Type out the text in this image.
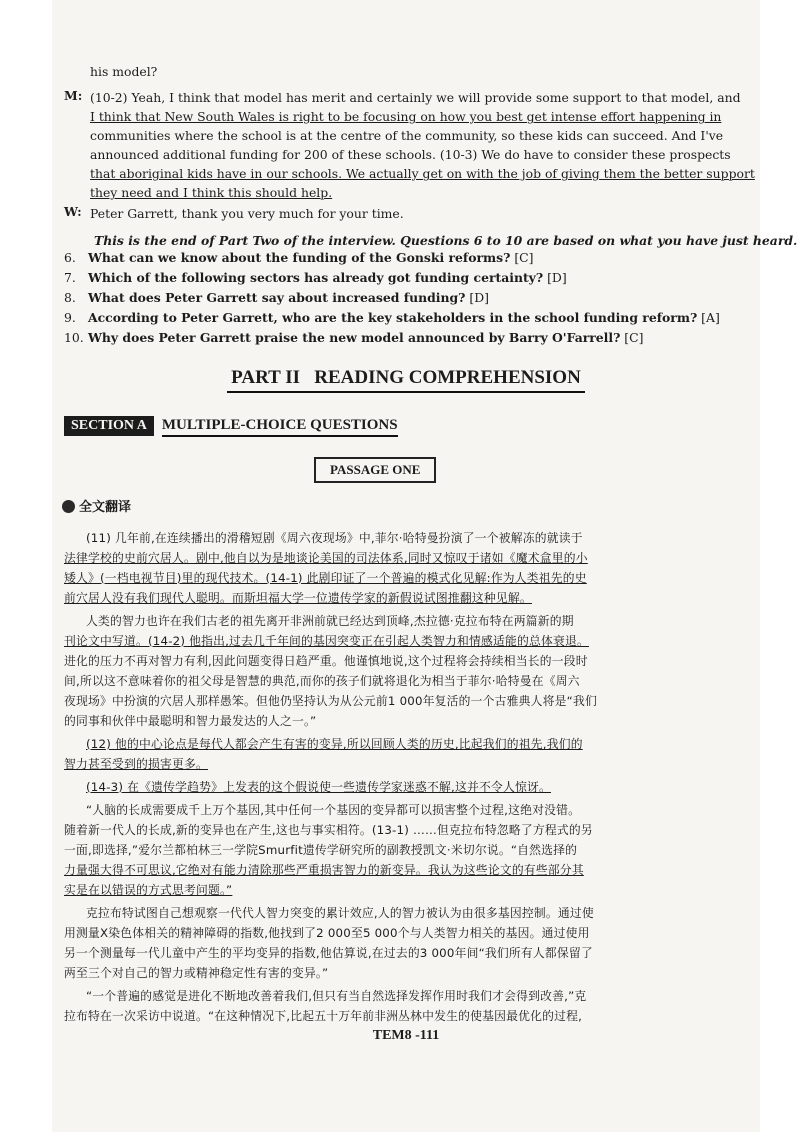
his model?
M: (10-2) Yeah, I think that model has merit and certainly we will provide some support to that model, and
I think that New South Wales is right to be focusing on how you best get intense effort happening in
communities where the school is at the centre of the community, so these kids can succeed. And I've
announced additional funding for 200 of these schools. (10-3) We do have to consider these prospects
that aboriginal kids have in our schools. We actually get on with the job of giving them the better support
they need and I think this should help.
W: Peter Garrett, thank you very much for your time.
This is the end of Part Two of the interview. Questions 6 to 10 are based on what you have just heard.
6. What can we know about the funding of the Gonski reforms? [C]
7. Which of the following sectors has already got funding certainty? [D]
8. What does Peter Garrett say about increased funding? [D]
9. According to Peter Garrett, who are the key stakeholders in the school funding reform? [A]
10. Why does Peter Garrett praise the new model announced by Barry O'Farrell? [C]
PART II   READING COMPREHENSION
SECTION A MULTIPLE-CHOICE QUESTIONS
PASSAGE ONE
全文翻译
(11) 几年前,在连续播出的滑稽短剧《周六夜现场》中,菲尔·哈特曼扮演了一个被解冻的就读于
法律学校的史前穴居人。剧中,他自以为是地谈论美国的司法体系,同时又惊叹于诸如《魔术盒里的小
矮人》(一档电视节目)里的现代技术。(14-1) 此剧印证了一个普遍的模式化见解:作为人类祖先的史
前穴居人没有我们现代人聪明。而斯坦福大学一位遗传学家的新假说试图推翻这种见解。
人类的智力也许在我们古老的祖先离开非洲前就已经达到顶峰,杰拉德·克拉布特在两篇新的期
刊论文中写道。(14-2) 他指出,过去几千年间的基因突变正在引起人类智力和情感适能的总体衰退。
进化的压力不再对智力有利,因此问题变得日趋严重。他谨慎地说,这个过程将会持续相当长的一段时
间,所以这不意味着你的祖父母是智慧的典范,而你的孩子们就将退化为相当于菲尔·哈特曼在《周六
夜现场》中扮演的穴居人那样愚笨。但他仍坚持认为从公元前1 000年复活的一个古雅典人将是“我们
的同事和伙伴中最聪明和智力最发达的人之一。”
(12) 他的中心论点是每代人都会产生有害的变异,所以回顾人类的历史,比起我们的祖先,我们的
智力甚至受到的损害更多。
(14-3) 在《遗传学趋势》上发表的这个假说使一些遗传学家迷惑不解,这并不令人惊讶。
“人脑的长成需要成千上万个基因,其中任何一个基因的变异都可以损害整个过程,这绝对没错。
随着新一代人的长成,新的变异也在产生,这也与事实相符。(13-1) ……但克拉布特忽略了方程式的另
一面,即选择,”爱尔兰都柏林三一学院Smurfit遗传学研究所的副教授凯文·米切尔说。“自然选择的
力量强大得不可思议,它绝对有能力清除那些严重损害智力的新变异。我认为这些论文的有些部分其
实是在以错误的方式思考问题。”
克拉布特试图自己想观察一代代人智力突变的累计效应,人的智力被认为由很多基因控制。通过使
用测量X染色体相关的精神障碍的指数,他找到了2 000至5 000个与人类智力相关的基因。通过使用
另一个测量每一代儿童中产生的平均变异的指数,他估算说,在过去的3 000年间“我们所有人都保留了
两至三个对自己的智力或精神稳定性有害的变异。”
“一个普遍的感觉是进化不断地改善着我们,但只有当自然选择发挥作用时我们才会得到改善,”克
TEM8 -111
拉布特在一次采访中说道。“在这种情况下,比起五十万年前非洲丛林中发生的使基因最优化的过程,
